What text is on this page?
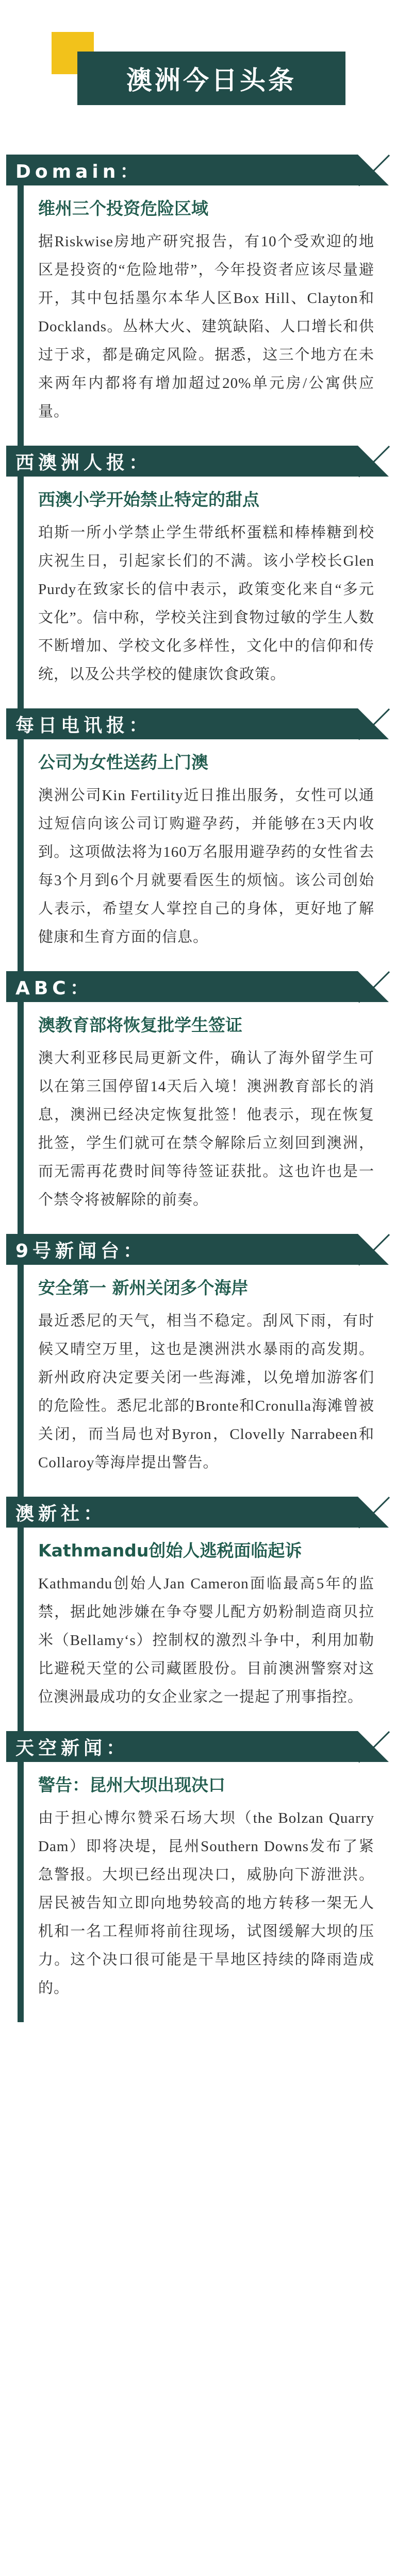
澳洲今日头条
Domain：
维州三个投资危险区域

据Riskwise房地产研究报告，有10个受欢迎的地区是投资的“危险地带”，今年投资者应该尽量避开，其中包括墨尔本华人区Box Hill、Clayton和Docklands。丛林大火、建筑缺陷、人口增长和供过于求，都是确定风险。据悉，这三个地方在未来两年内都将有增加超过20%单元房/公寓供应量。

西澳洲人报：
西澳小学开始禁止特定的甜点

珀斯一所小学禁止学生带纸杯蛋糕和棒棒糖到校庆祝生日，引起家长们的不满。该小学校长Glen Purdy在致家长的信中表示，政策变化来自“多元文化”。信中称，学校关注到食物过敏的学生人数不断增加、学校文化多样性，文化中的信仰和传统，以及公共学校的健康饮食政策。

每日电讯报：
公司为女性送药上门澳

澳洲公司Kin Fertility近日推出服务，女性可以通过短信向该公司订购避孕药，并能够在3天内收到。这项做法将为160万名服用避孕药的女性省去每3个月到6个月就要看医生的烦恼。该公司创始人表示，希望女人掌控自己的身体，更好地了解健康和生育方面的信息。

ABC：
澳教育部将恢复批学生签证

澳大利亚移民局更新文件，确认了海外留学生可以在第三国停留14天后入境！澳洲教育部长的消息，澳洲已经决定恢复批签！他表示，现在恢复批签，学生们就可在禁令解除后立刻回到澳洲，而无需再花费时间等待签证获批。这也许也是一个禁令将被解除的前奏。

9号新闻台：
安全第一 新州关闭多个海岸

最近悉尼的天气，相当不稳定。刮风下雨，有时候又晴空万里，这也是澳洲洪水暴雨的高发期。新州政府决定要关闭一些海滩，以免增加游客们的危险性。悉尼北部的Bronte和Cronulla海滩曾被关闭，而当局也对Byron，Clovelly Narrabeen和Collaroy等海岸提出警告。

澳新社：
Kathmandu创始人逃税面临起诉

Kathmandu创始人Jan Cameron面临最高5年的监禁，据此她涉嫌在争夺婴儿配方奶粉制造商贝拉米（Bellamy‘s）控制权的激烈斗争中，利用加勒比避税天堂的公司藏匿股份。目前澳洲警察对这位澳洲最成功的女企业家之一提起了刑事指控。

天空新闻：
警告：昆州大坝出现决口

由于担心博尔赞采石场大坝（the Bolzan Quarry Dam）即将决堤，昆州Southern Downs发布了紧急警报。大坝已经出现决口，威胁向下游泄洪。居民被告知立即向地势较高的地方转移一架无人机和一名工程师将前往现场，试图缓解大坝的压力。这个决口很可能是干旱地区持续的降雨造成的。
